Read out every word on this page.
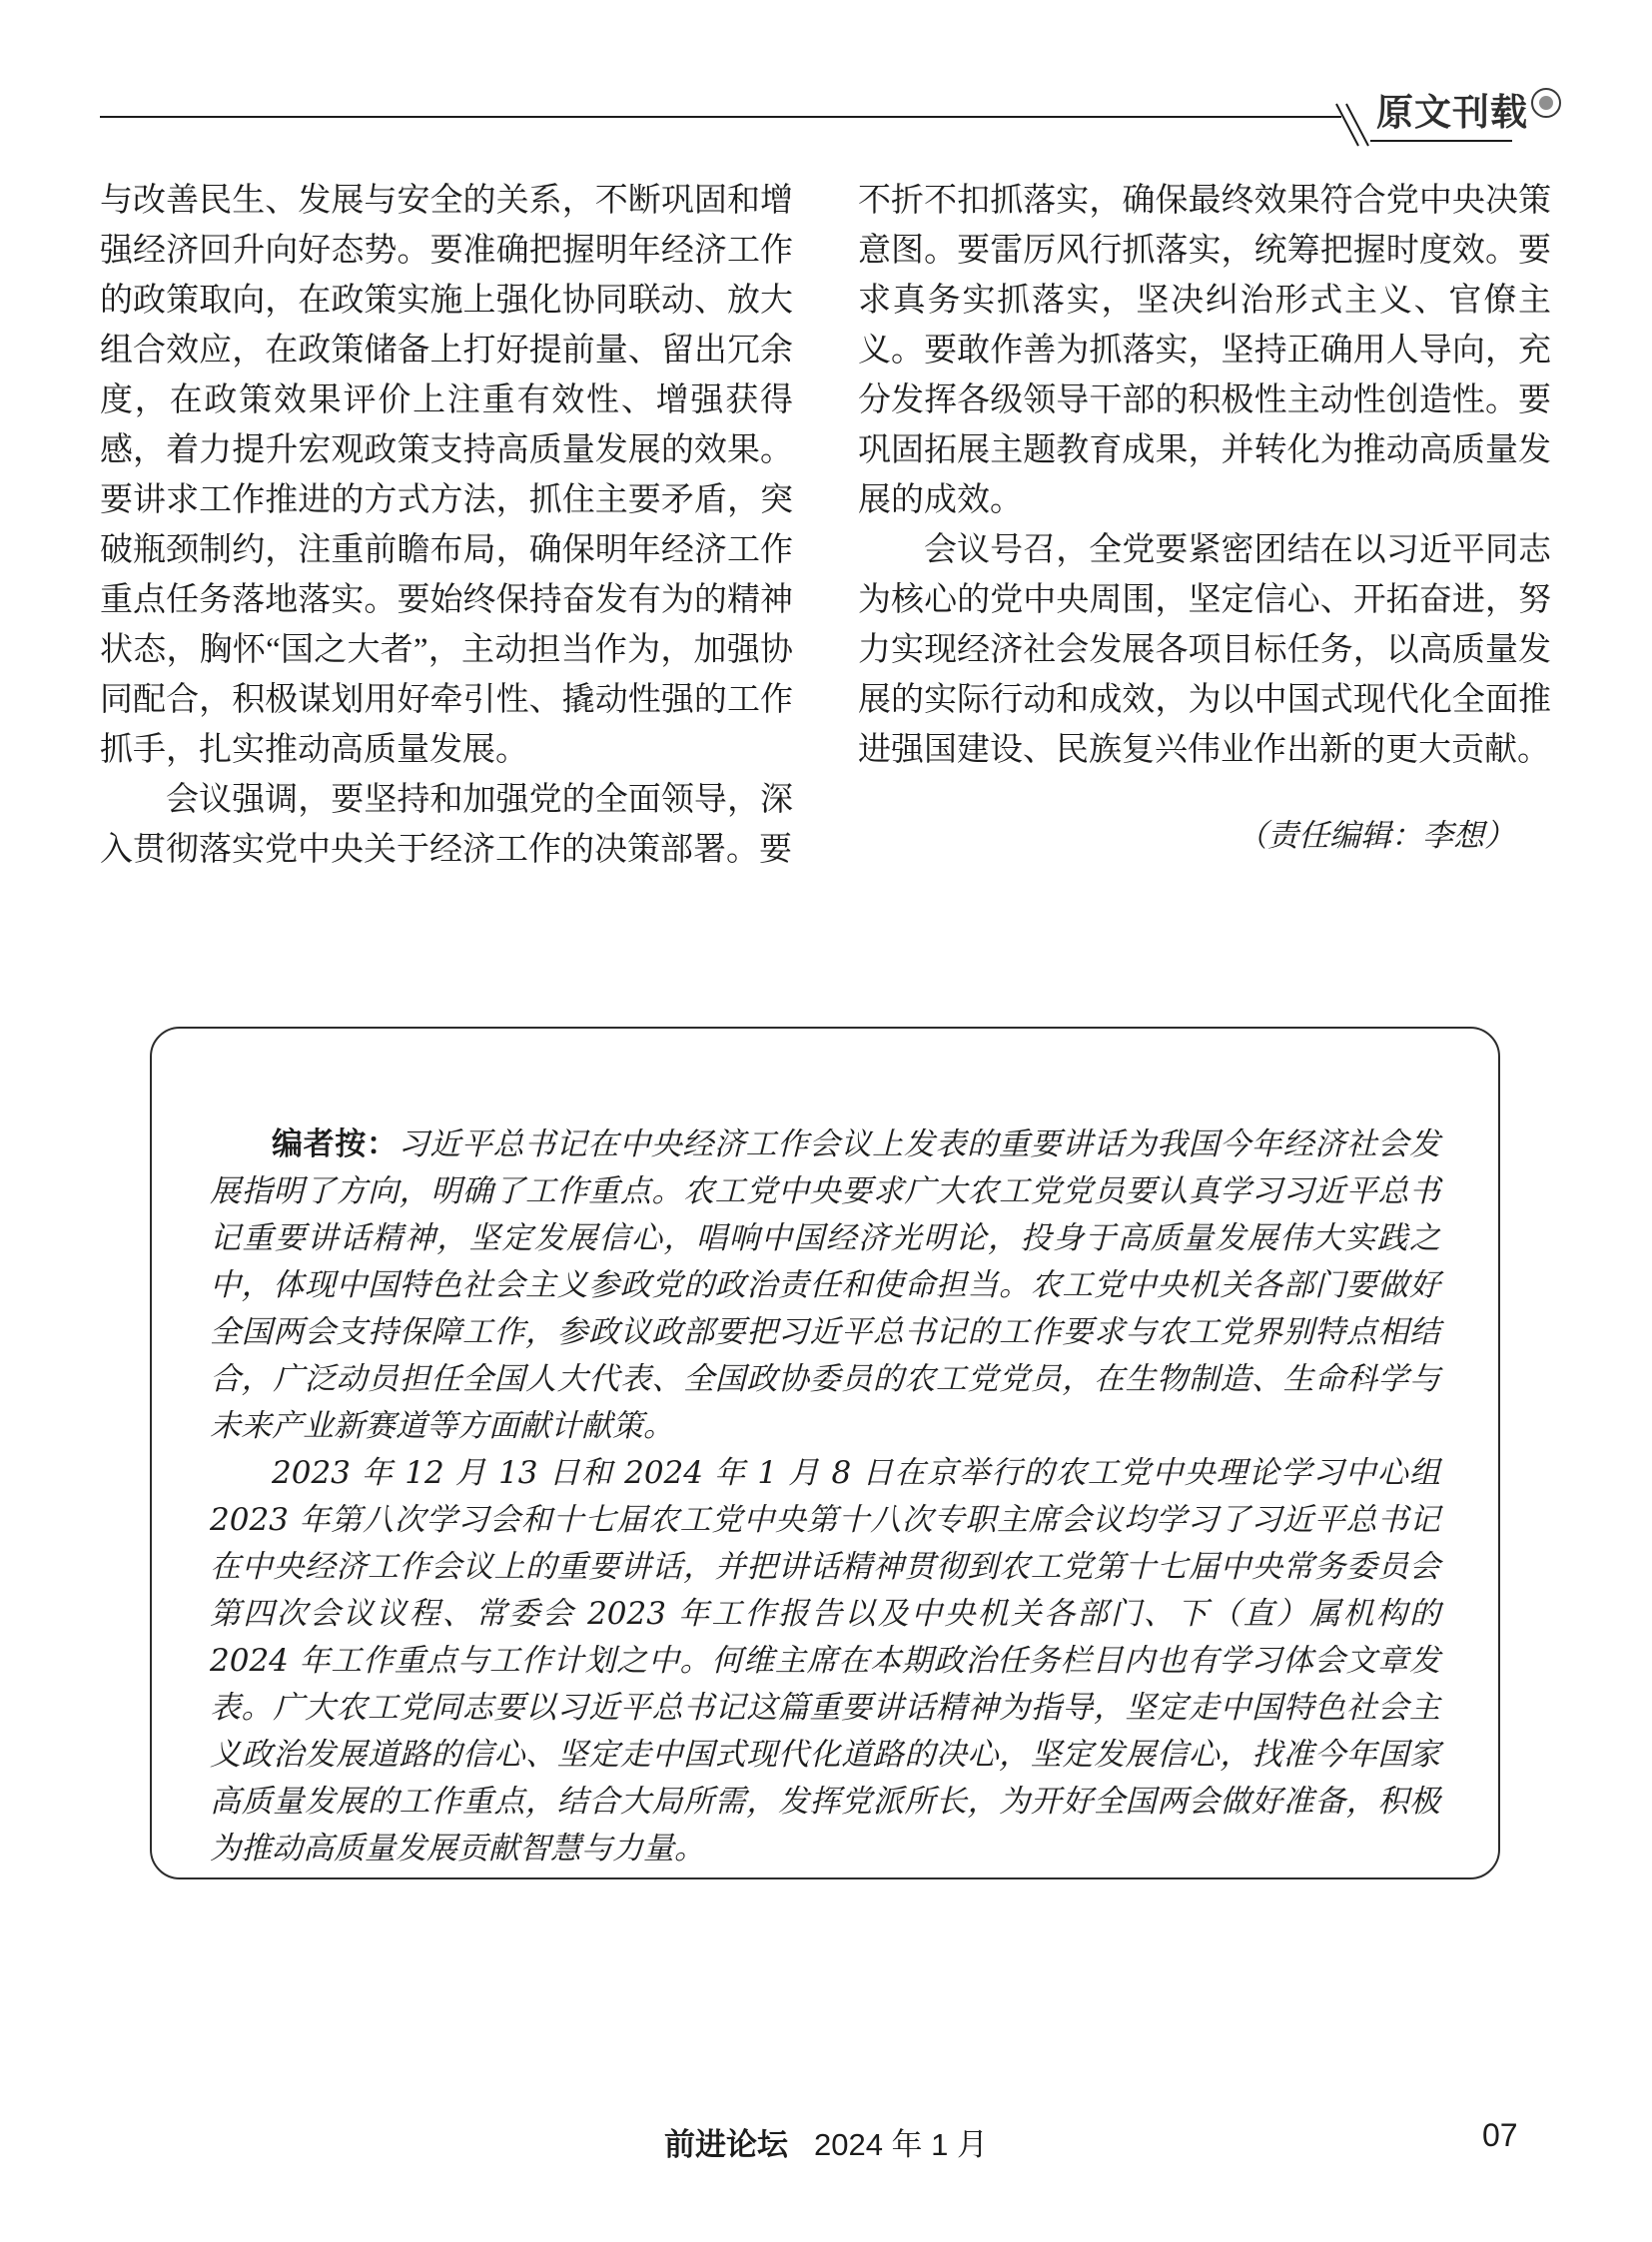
原文刊载

与改善民生、发展与安全的关系，不断巩固和增强经济回升向好态势。要准确把握明年经济工作的政策取向，在政策实施上强化协同联动、放大组合效应，在政策储备上打好提前量、留出冗余度，在政策效果评价上注重有效性、增强获得感，着力提升宏观政策支持高质量发展的效果。要讲求工作推进的方式方法，抓住主要矛盾，突破瓶颈制约，注重前瞻布局，确保明年经济工作重点任务落地落实。要始终保持奋发有为的精神状态，胸怀“国之大者”，主动担当作为，加强协同配合，积极谋划用好牵引性、撬动性强的工作抓手，扎实推动高质量发展。

会议强调，要坚持和加强党的全面领导，深入贯彻落实党中央关于经济工作的决策部署。要

不折不扣抓落实，确保最终效果符合党中央决策意图。要雷厉风行抓落实，统筹把握时度效。要求真务实抓落实，坚决纠治形式主义、官僚主义。要敢作善为抓落实，坚持正确用人导向，充分发挥各级领导干部的积极性主动性创造性。要巩固拓展主题教育成果，并转化为推动高质量发展的成效。

会议号召，全党要紧密团结在以习近平同志为核心的党中央周围，坚定信心、开拓奋进，努力实现经济社会发展各项目标任务，以高质量发展的实际行动和成效，为以中国式现代化全面推进强国建设、民族复兴伟业作出新的更大贡献。

（责任编辑：李想）

编者按：习近平总书记在中央经济工作会议上发表的重要讲话为我国今年经济社会发展指明了方向，明确了工作重点。农工党中央要求广大农工党党员要认真学习习近平总书记重要讲话精神，坚定发展信心，唱响中国经济光明论，投身于高质量发展伟大实践之中，体现中国特色社会主义参政党的政治责任和使命担当。农工党中央机关各部门要做好全国两会支持保障工作，参政议政部要把习近平总书记的工作要求与农工党界别特点相结合，广泛动员担任全国人大代表、全国政协委员的农工党党员，在生物制造、生命科学与未来产业新赛道等方面献计献策。

2023 年 12 月 13 日和 2024 年 1 月 8 日在京举行的农工党中央理论学习中心组 2023 年第八次学习会和十七届农工党中央第十八次专职主席会议均学习了习近平总书记在中央经济工作会议上的重要讲话，并把讲话精神贯彻到农工党第十七届中央常务委员会第四次会议议程、常委会 2023 年工作报告以及中央机关各部门、下（直）属机构的 2024 年工作重点与工作计划之中。何维主席在本期政治任务栏目内也有学习体会文章发表。广大农工党同志要以习近平总书记这篇重要讲话精神为指导，坚定走中国特色社会主义政治发展道路的信心、坚定走中国式现代化道路的决心，坚定发展信心，找准今年国家高质量发展的工作重点，结合大局所需，发挥党派所长，为开好全国两会做好准备，积极为推动高质量发展贡献智慧与力量。

前进论坛 2024 年 1 月	07
